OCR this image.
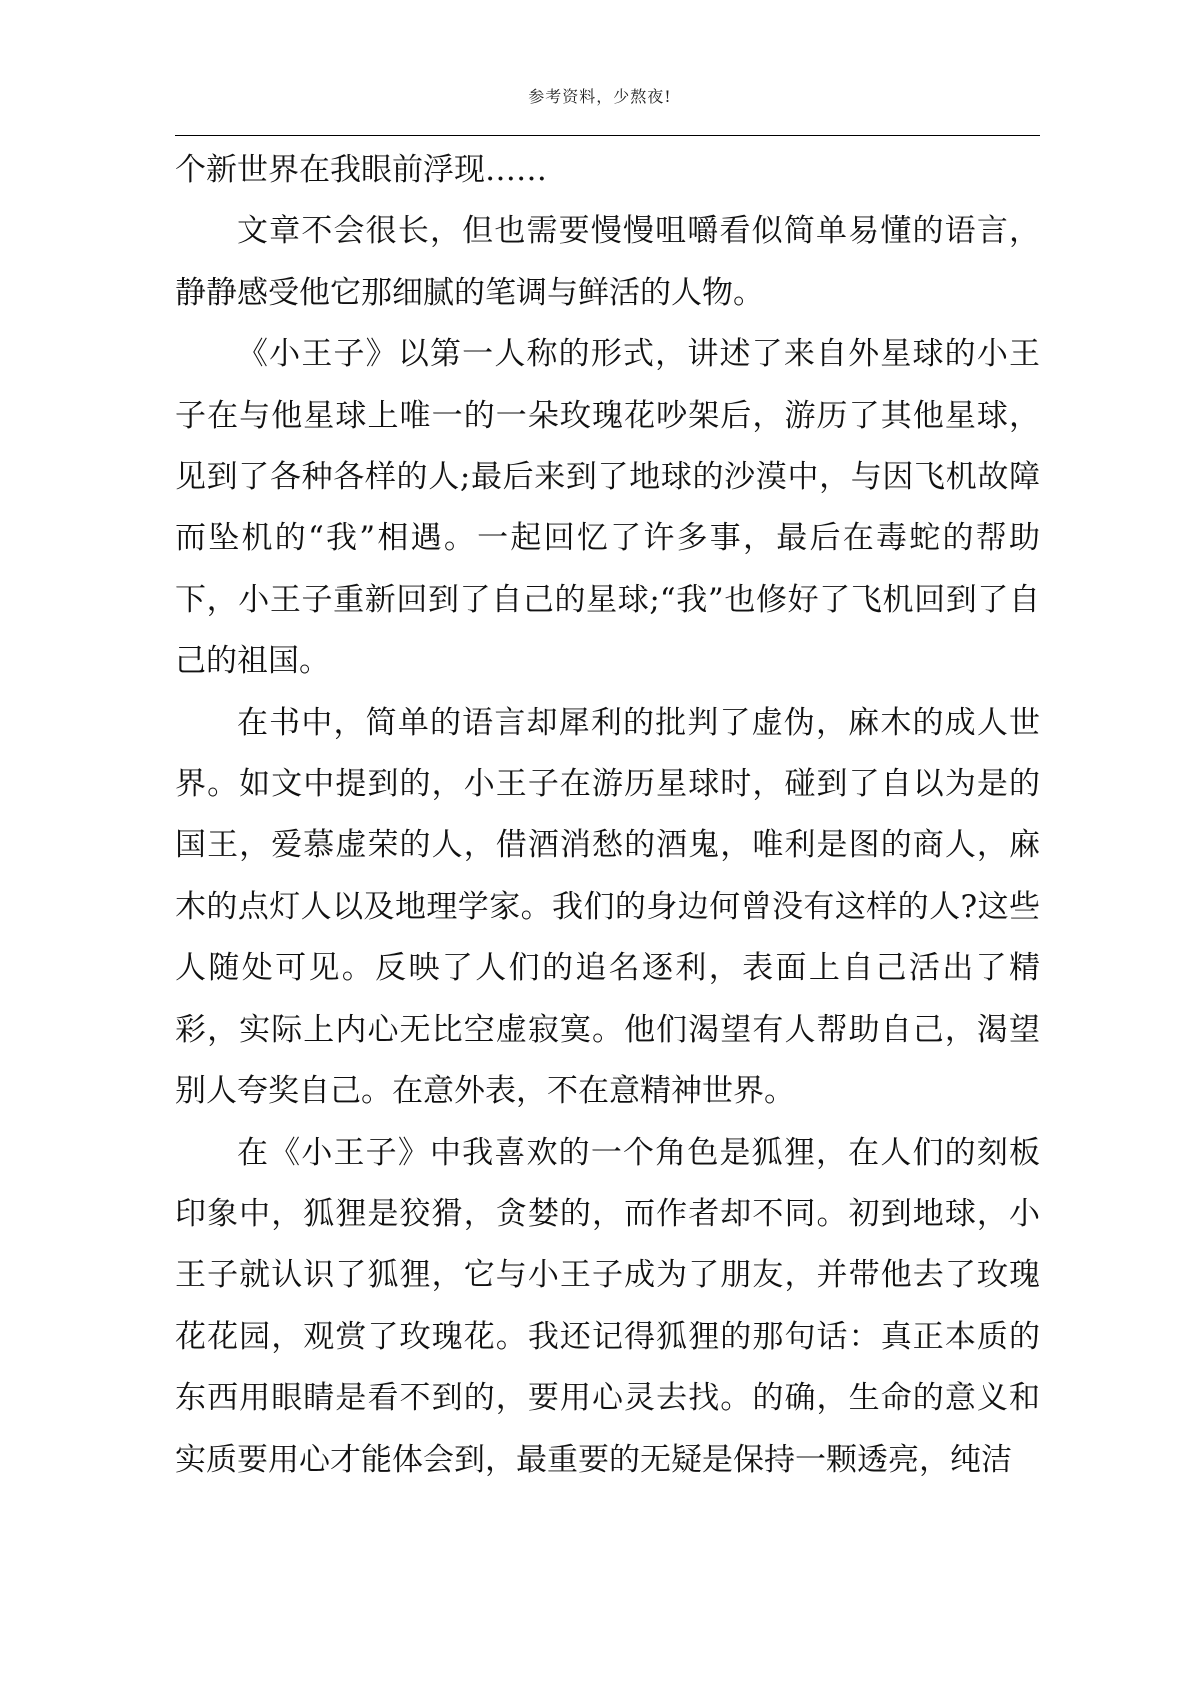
参考资料，少熬夜!

个新世界在我眼前浮现……

文章不会很长，但也需要慢慢咀嚼看似简单易懂的语言，静静感受他它那细腻的笔调与鲜活的人物。

《小王子》以第一人称的形式，讲述了来自外星球的小王子在与他星球上唯一的一朵玫瑰花吵架后，游历了其他星球，见到了各种各样的人;最后来到了地球的沙漠中，与因飞机故障而坠机的“我”相遇。一起回忆了许多事，最后在毒蛇的帮助下，小王子重新回到了自己的星球;“我”也修好了飞机回到了自己的祖国。

在书中，简单的语言却犀利的批判了虚伪，麻木的成人世界。如文中提到的，小王子在游历星球时，碰到了自以为是的国王，爱慕虚荣的人，借酒消愁的酒鬼，唯利是图的商人，麻木的点灯人以及地理学家。我们的身边何曾没有这样的人?这些人随处可见。反映了人们的追名逐利，表面上自己活出了精彩，实际上内心无比空虚寂寞。他们渴望有人帮助自己，渴望别人夸奖自己。在意外表，不在意精神世界。

在《小王子》中我喜欢的一个角色是狐狸，在人们的刻板印象中，狐狸是狡猾，贪婪的，而作者却不同。初到地球，小王子就认识了狐狸，它与小王子成为了朋友，并带他去了玫瑰花花园，观赏了玫瑰花。我还记得狐狸的那句话：真正本质的东西用眼睛是看不到的，要用心灵去找。的确，生命的意义和实质要用心才能体会到，最重要的无疑是保持一颗透亮，纯洁
